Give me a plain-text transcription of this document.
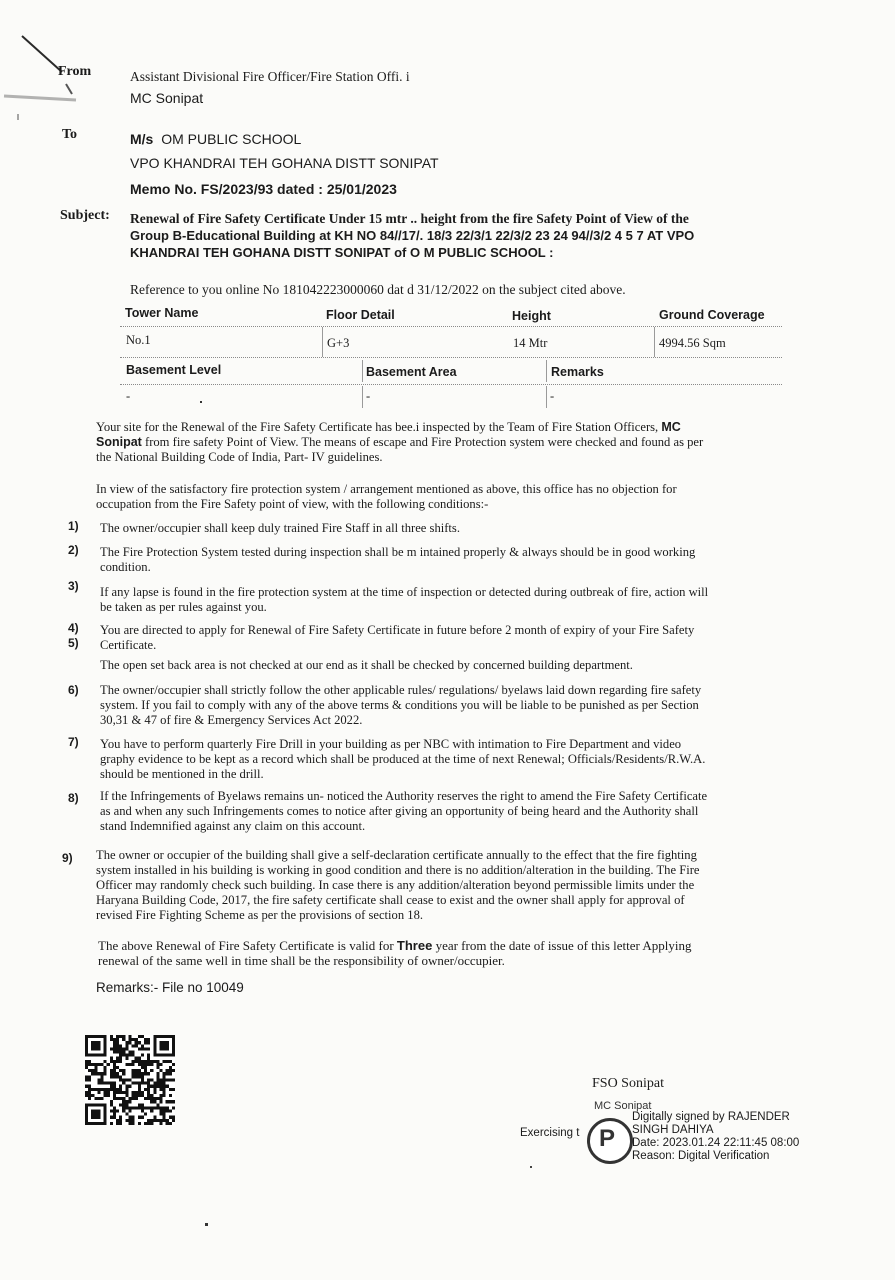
From	Assistant Divisional Fire Officer/Fire Station Offi. i
MC Sonipat
To	M/s OM PUBLIC SCHOOL
VPO KHANDRAI TEH GOHANA DISTT SONIPAT
Memo No. FS/2023/93 dated : 25/01/2023
Subject: Renewal of Fire Safety Certificate Under 15 mtr .. height from the fire Safety Point of View of the
Group B-Educational Building at KH NO 84//17/. 18/3 22/3/1 22/3/2 23 24 94//3/2 4 5 7 AT VPO
KHANDRAI TEH GOHANA DISTT SONIPAT of O M PUBLIC SCHOOL :
Reference to you online No 181042223000060 dat d 31/12/2022 on the subject cited above.
Tower Name	Floor Detail	Height	Ground Coverage
No.1	G+3	14 Mtr	4994.56 Sqm
Basement Level	Basement Area	Remarks
-	-	-
Your site for the Renewal of the Fire Safety Certificate has bee.i inspected by the Team of Fire Station Officers, MC
Sonipat from fire safety Point of View. The means of escape and Fire Protection system were checked and found as per
the National Building Code of India, Part- IV guidelines.
In view of the satisfactory fire protection system / arrangement mentioned as above, this office has no objection for
occupation from the Fire Safety point of view, with the following conditions:-
1) The owner/occupier shall keep duly trained Fire Staff in all three shifts.
2) The Fire Protection System tested during inspection shall be m intained properly & always should be in good working
condition.
3) If any lapse is found in the fire protection system at the time of inspection or detected during outbreak of fire, action will
be taken as per rules against you.
4) You are directed to apply for Renewal of Fire Safety Certificate in future before 2 month of expiry of your Fire Safety
5) Certificate.
The open set back area is not checked at our end as it shall be checked by concerned building department.
6) The owner/occupier shall strictly follow the other applicable rules/ regulations/ byelaws laid down regarding fire safety
system. If you fail to comply with any of the above terms & conditions you will be liable to be punished as per Section
30,31 & 47 of fire & Emergency Services Act 2022.
7) You have to perform quarterly Fire Drill in your building as per NBC with intimation to Fire Department and video
graphy evidence to be kept as a record which shall be produced at the time of next Renewal; Officials/Residents/R.W.A.
should be mentioned in the drill.
8) If the Infringements of Byelaws remains un- noticed the Authority reserves the right to amend the Fire Safety Certificate
as and when any such Infringements comes to notice after giving an opportunity of being heard and the Authority shall
stand Indemnified against any claim on this account.
9) The owner or occupier of the building shall give a self-declaration certificate annually to the effect that the fire fighting
system installed in his building is working in good condition and there is no addition/alteration in the building. The Fire
Officer may randomly check such building. In case there is any addition/alteration beyond permissible limits under the
Haryana Building Code, 2017, the fire safety certificate shall cease to exist and the owner shall apply for approval of
revised Fire Fighting Scheme as per the provisions of section 18.
The above Renewal of Fire Safety Certificate is valid for Three year from the date of issue of this letter Applying
renewal of the same well in time shall be the responsibility of owner/occupier.
Remarks:- File no 10049
FSO Sonipat
MC Sonipat
Exercising t P
Digitally signed by RAJENDER
SINGH DAHIYA
Date: 2023.01.24 22:11:45 08:00
Reason: Digital Verification
